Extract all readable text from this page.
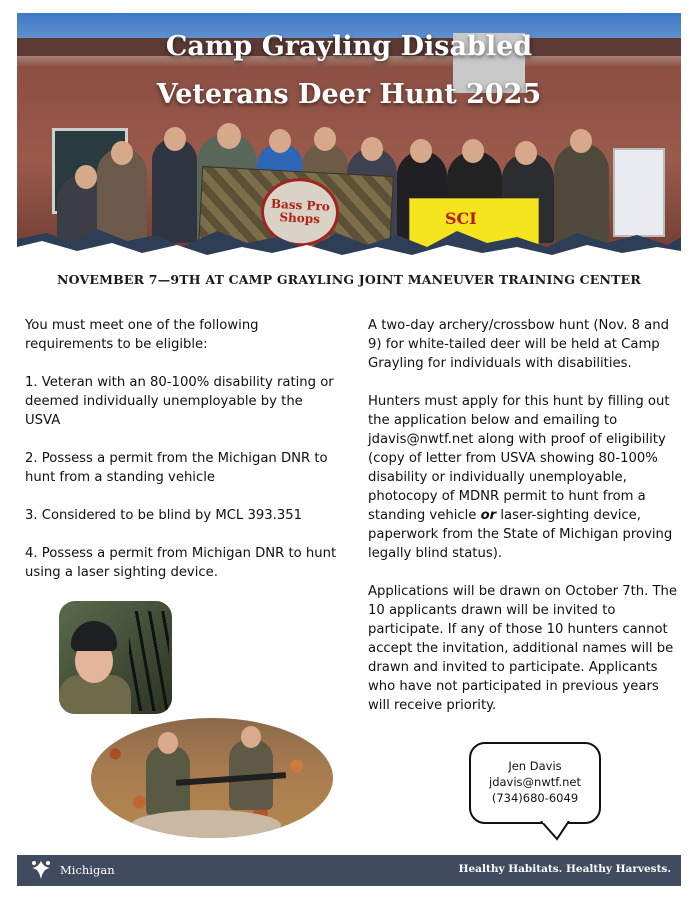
Bass Pro Shops	SCI
Camp Grayling Disabled
Veterans Deer Hunt 2025
NOVEMBER 7—9TH AT CAMP GRAYLING JOINT MANEUVER TRAINING CENTER

You must meet one of the following requirements to be eligible:

1. Veteran with an 80-100% disability rating or deemed individually unemployable by the USVA

2. Possess a permit from the Michigan DNR to hunt from a standing vehicle

3. Considered to be blind by MCL 393.351

4. Possess a permit from Michigan DNR to hunt using a laser sighting device.

A two-day archery/crossbow hunt (Nov. 8 and 9) for white-tailed deer will be held at Camp Grayling for individuals with disabilities.

Hunters must apply for this hunt by filling out the application below and emailing to jdavis@nwtf.net along with proof of eligibility (copy of letter from USVA showing 80-100% disability or individually unemployable, photocopy of MDNR permit to hunt from a standing vehicle or laser-sighting device, paperwork from the State of Michigan proving legally blind status).

Applications will be drawn on October 7th. The 10 applicants drawn will be invited to participate. If any of those 10 hunters cannot accept the invitation, additional names will be drawn and invited to participate. Applicants who have not participated in previous years will receive priority.

Jen Davis

jdavis@nwtf.net

(734)680-6049

Michigan	Healthy Habitats. Healthy Harvests.
